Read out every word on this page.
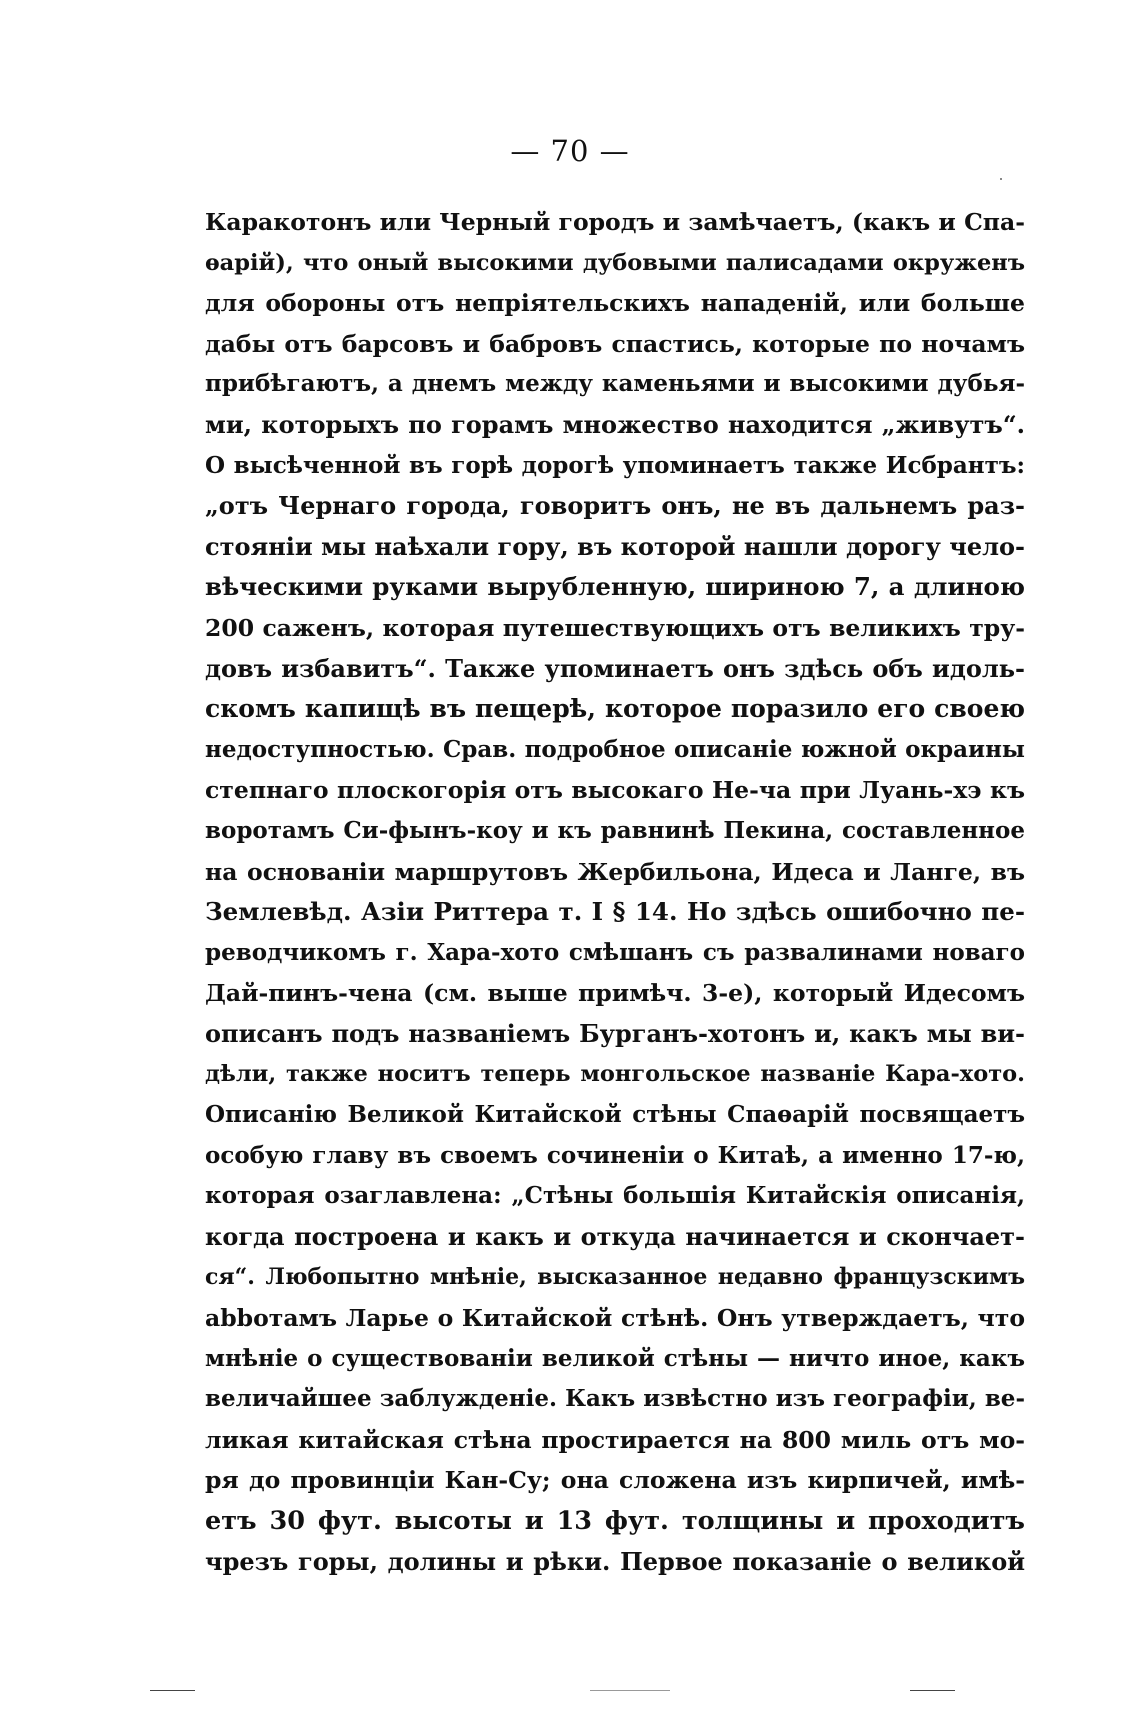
— 70 —
Каракотонъ или Черный городъ и замѣчаетъ, (какъ и Спа-
ѳарій), что оный высокими дубовыми палисадами окруженъ
для обороны отъ непріятельскихъ нападеній, или больше
дабы отъ барсовъ и бабровъ спастись, которые по ночамъ
прибѣгаютъ, а днемъ между каменьями и высокими дубья-
ми, которыхъ по горамъ множество находится „живутъ“.
О высѣченной въ горѣ дорогѣ упоминаетъ также Исбрантъ:
„отъ Чернаго города, говоритъ онъ, не въ дальнемъ раз-
стояніи мы наѣхали гору, въ которой нашли дорогу чело-
вѣческими руками вырубленную, шириною 7, а длиною
200 саженъ, которая путешествующихъ отъ великихъ тру-
довъ избавитъ“. Также упоминаетъ онъ здѣсь объ идоль-
скомъ капищѣ въ пещерѣ, которое поразило его своею
недоступностью. Срав. подробное описаніе южной окраины
степнаго плоскогорія отъ высокаго Не-ча при Луань-хэ къ
воротамъ Си-фынъ-коу и къ равнинѣ Пекина, составленное
на основаніи маршрутовъ Жербильона, Идеса и Ланге, въ
Землевѣд. Азіи Риттера т. I § 14. Но здѣсь ошибочно пе-
реводчикомъ г. Хара-хото смѣшанъ съ развалинами новаго
Дай-пинъ-чена (см. выше примѣч. 3-е), который Идесомъ
описанъ подъ названіемъ Бурганъ-хотонъ и, какъ мы ви-
дѣли, также носитъ теперь монгольское названіе Кара-хото.
Описанію Великой Китайской стѣны Спаѳарій посвящаетъ
особую главу въ своемъ сочиненіи о Китаѣ, а именно 17-ю,
которая озаглавлена: „Стѣны большія Китайскія описанія,
когда построена и какъ и откуда начинается и скончает-
ся“. Любопытно мнѣніе, высказанное недавно французскимъ
abbотамъ Ларье о Китайской стѣнѣ. Онъ утверждаетъ, что
мнѣніе о существованіи великой стѣны — ничто иное, какъ
величайшее заблужденіе. Какъ извѣстно изъ географіи, ве-
ликая китайская стѣна простирается на 800 миль отъ мо-
ря до провинціи Кан-Су; она сложена изъ кирпичей, имѣ-
етъ 30 фут. высоты и 13 фут. толщины и проходитъ
чрезъ горы, долины и рѣки. Первое показаніе о великой
